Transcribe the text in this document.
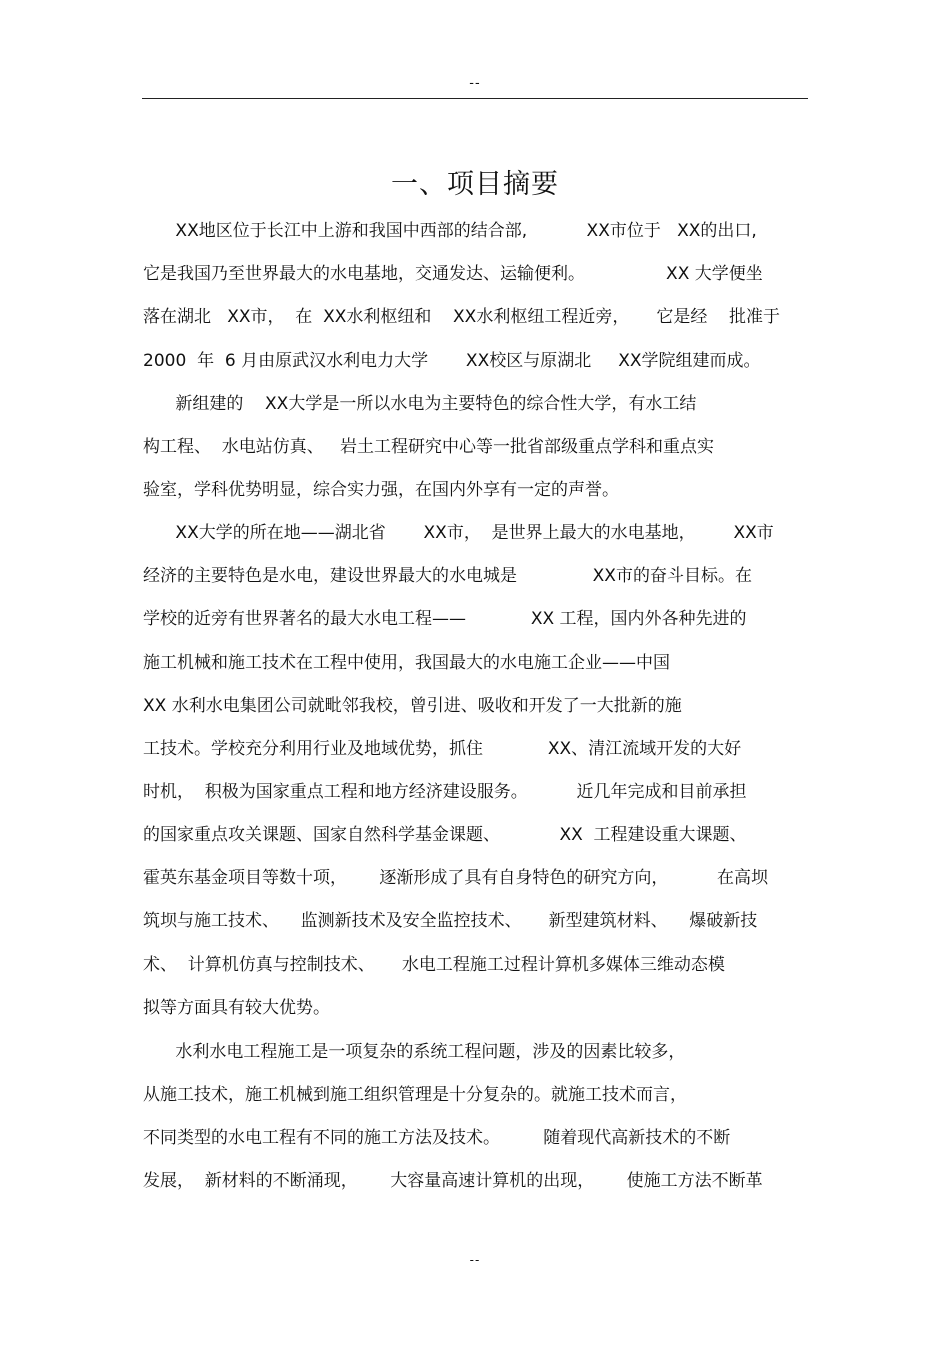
--
一、项目摘要
XX地区位于长江中上游和我国中西部的结合部,           XX市位于   XX的出口,
它是我国乃至世界最大的水电基地，交通发达、运输便利。               XX 大学便坐
落在湖北   XX市，  在  XX水利枢纽和    XX水利枢纽工程近旁，     它是经    批准于
2000  年  6 月由原武汉水利电力大学       XX校区与原湖北     XX学院组建而成。
新组建的    XX大学是一所以水电为主要特色的综合性大学，有水工结
构工程、  水电站仿真、   岩土工程研究中心等一批省部级重点学科和重点实
验室，学科优势明显，综合实力强，在国内外享有一定的声誉。
XX大学的所在地——湖北省       XX市，  是世界上最大的水电基地，       XX市
经济的主要特色是水电，建设世界最大的水电城是              XX市的奋斗目标。在
学校的近旁有世界著名的最大水电工程——            XX 工程，国内外各种先进的
施工机械和施工技术在工程中使用，我国最大的水电施工企业——中国
XX 水利水电集团公司就毗邻我校，曾引进、吸收和开发了一大批新的施
工技术。学校充分利用行业及地域优势，抓住            XX、清江流域开发的大好
时机，  积极为国家重点工程和地方经济建设服务。         近几年完成和目前承担
的国家重点攻关课题、国家自然科学基金课题、           XX  工程建设重大课题、
霍英东基金项目等数十项，      逐渐形成了具有自身特色的研究方向，         在高坝
筑坝与施工技术、    监测新技术及安全监控技术、     新型建筑材料、    爆破新技
术、  计算机仿真与控制技术、     水电工程施工过程计算机多媒体三维动态模
拟等方面具有较大优势。
水利水电工程施工是一项复杂的系统工程问题，涉及的因素比较多，
从施工技术，施工机械到施工组织管理是十分复杂的。就施工技术而言，
不同类型的水电工程有不同的施工方法及技术。        随着现代高新技术的不断
发展，  新材料的不断涌现，      大容量高速计算机的出现，      使施工方法不断革
--
